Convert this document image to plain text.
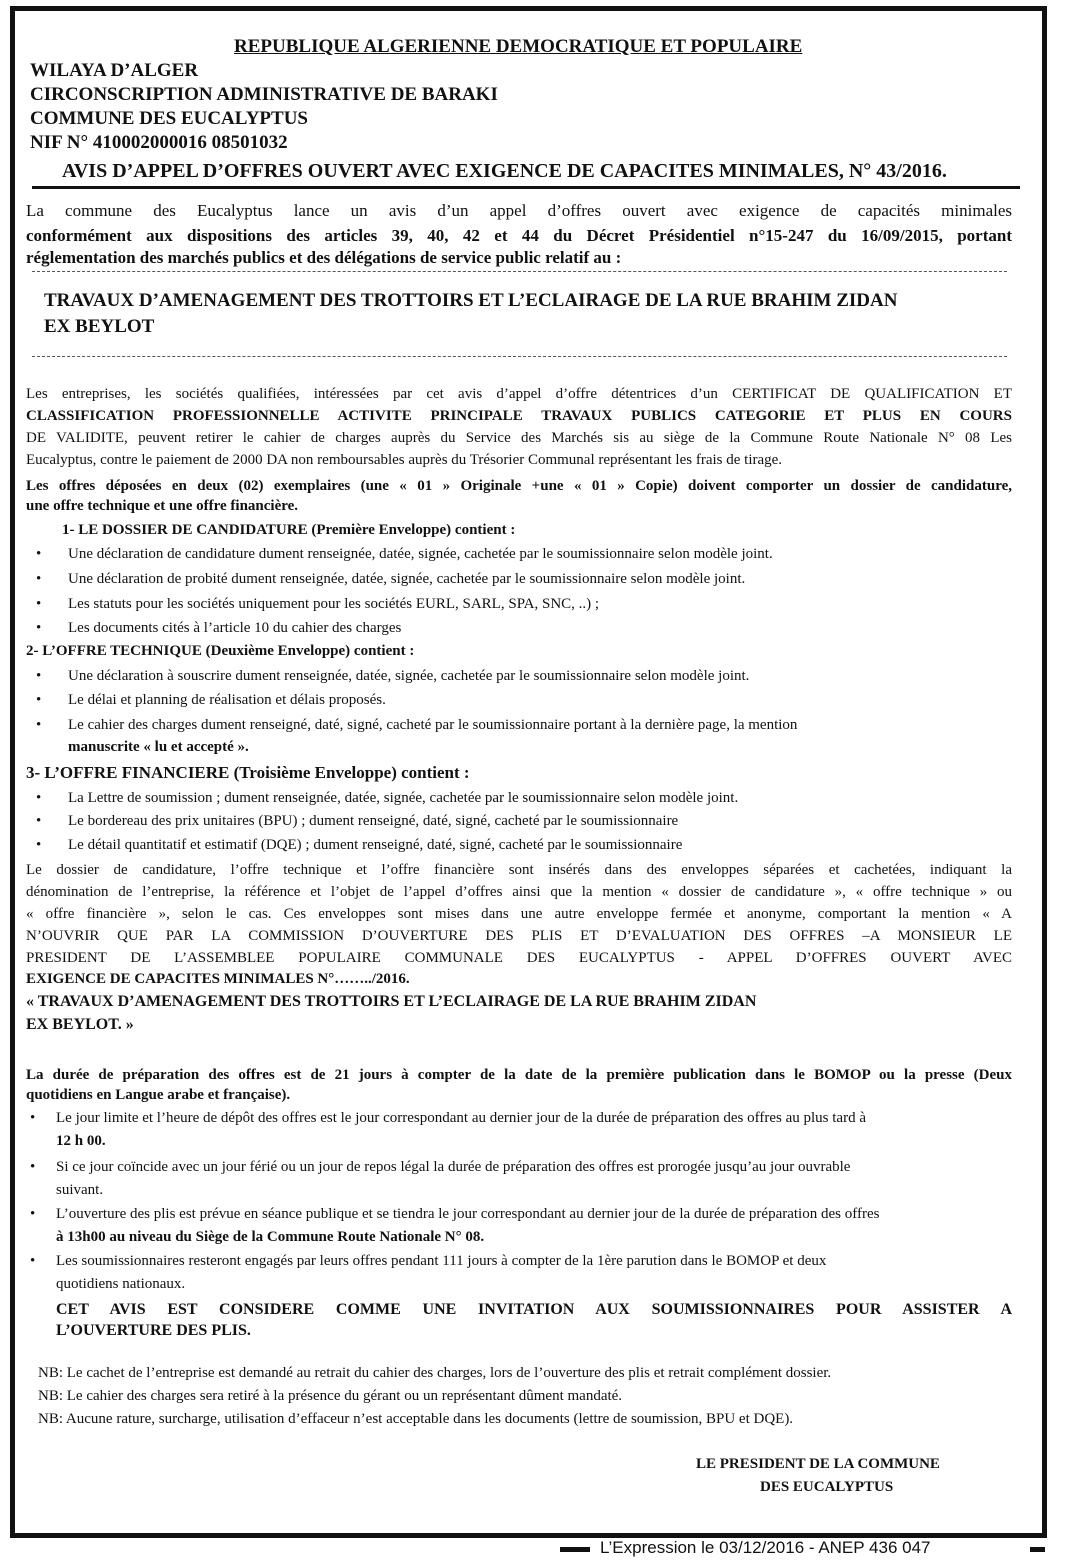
REPUBLIQUE ALGERIENNE DEMOCRATIQUE ET POPULAIRE
WILAYA D’ALGER
CIRCONSCRIPTION ADMINISTRATIVE DE BARAKI
COMMUNE DES EUCALYPTUS
NIF N° 410002000016 08501032
AVIS D’APPEL D’OFFRES OUVERT AVEC EXIGENCE DE CAPACITES MINIMALES, N° 43/2016.
La commune des Eucalyptus lance un avis d’un appel d’offres ouvert avec exigence de capacités minimales
conformément aux dispositions des articles 39, 40, 42 et 44 du Décret Présidentiel n°15-247 du 16/09/2015, portant
réglementation des marchés publics et des délégations de service public relatif au :
TRAVAUX D’AMENAGEMENT DES TROTTOIRS ET L’ECLAIRAGE DE LA RUE BRAHIM ZIDAN
EX BEYLOT
Les entreprises, les sociétés qualifiées, intéressées par cet avis d’appel d’offre détentrices d’un CERTIFICAT DE QUALIFICATION ET
CLASSIFICATION PROFESSIONNELLE ACTIVITE PRINCIPALE TRAVAUX PUBLICS CATEGORIE ET PLUS EN COURS
DE VALIDITE, peuvent retirer le cahier de charges auprès du Service des Marchés sis au siège de la Commune Route Nationale N° 08 Les
Eucalyptus, contre le paiement de 2000 DA non remboursables auprès du Trésorier Communal représentant les frais de tirage.
Les offres déposées en deux (02) exemplaires (une « 01 » Originale +une « 01 » Copie) doivent comporter un dossier de candidature,
une offre technique et une offre financière.
1- LE DOSSIER DE CANDIDATURE (Première Enveloppe) contient :
• Une déclaration de candidature dument renseignée, datée, signée, cachetée par le soumissionnaire selon modèle joint.
• Une déclaration de probité dument renseignée, datée, signée, cachetée par le soumissionnaire selon modèle joint.
• Les statuts pour les sociétés uniquement pour les sociétés EURL, SARL, SPA, SNC, ..) ;
• Les documents cités à l’article 10 du cahier des charges
2- L’OFFRE TECHNIQUE (Deuxième Enveloppe) contient :
• Une déclaration à souscrire dument renseignée, datée, signée, cachetée par le soumissionnaire selon modèle joint.
• Le délai et planning de réalisation et délais proposés.
• Le cahier des charges dument renseigné, daté, signé, cacheté par le soumissionnaire portant à la dernière page, la mention
manuscrite « lu et accepté ».
3- L’OFFRE FINANCIERE (Troisième Enveloppe) contient :
• La Lettre de soumission ; dument renseignée, datée, signée, cachetée par le soumissionnaire selon modèle joint.
• Le bordereau des prix unitaires (BPU) ; dument renseigné, daté, signé, cacheté par le soumissionnaire
• Le détail quantitatif et estimatif (DQE) ; dument renseigné, daté, signé, cacheté par le soumissionnaire
Le dossier de candidature, l’offre technique et l’offre financière sont insérés dans des enveloppes séparées et cachetées, indiquant la
dénomination de l’entreprise, la référence et l’objet de l’appel d’offres ainsi que la mention « dossier de candidature », « offre technique » ou
« offre financière », selon le cas. Ces enveloppes sont mises dans une autre enveloppe fermée et anonyme, comportant la mention « A
N’OUVRIR QUE PAR LA COMMISSION D’OUVERTURE DES PLIS ET D’EVALUATION DES OFFRES –A MONSIEUR LE
PRESIDENT DE L’ASSEMBLEE POPULAIRE COMMUNALE DES EUCALYPTUS - APPEL D’OFFRES OUVERT AVEC
EXIGENCE DE CAPACITES MINIMALES N°……../2016.
« TRAVAUX D’AMENAGEMENT DES TROTTOIRS ET L’ECLAIRAGE DE LA RUE BRAHIM ZIDAN
EX BEYLOT. »
La durée de préparation des offres est de 21 jours à compter de la date de la première publication dans le BOMOP ou la presse (Deux
quotidiens en Langue arabe et française).
• Le jour limite et l’heure de dépôt des offres est le jour correspondant au dernier jour de la durée de préparation des offres au plus tard à
12 h 00.
• Si ce jour coïncide avec un jour férié ou un jour de repos légal la durée de préparation des offres est prorogée jusqu’au jour ouvrable
suivant.
• L’ouverture des plis est prévue en séance publique et se tiendra le jour correspondant au dernier jour de la durée de préparation des offres
à 13h00 au niveau du Siège de la Commune Route Nationale N° 08.
• Les soumissionnaires resteront engagés par leurs offres pendant 111 jours à compter de la 1ère parution dans le BOMOP et deux
quotidiens nationaux.
CET AVIS EST CONSIDERE COMME UNE INVITATION AUX SOUMISSIONNAIRES POUR ASSISTER A
L’OUVERTURE DES PLIS.
NB: Le cachet de l’entreprise est demandé au retrait du cahier des charges, lors de l’ouverture des plis et retrait complément dossier.
NB: Le cahier des charges sera retiré à la présence du gérant ou un représentant dûment mandaté.
NB: Aucune rature, surcharge, utilisation d’effaceur n’est acceptable dans les documents (lettre de soumission, BPU et DQE).
LE PRESIDENT DE LA COMMUNE
DES EUCALYPTUS
L’Expression le 03/12/2016 - ANEP 436 047
